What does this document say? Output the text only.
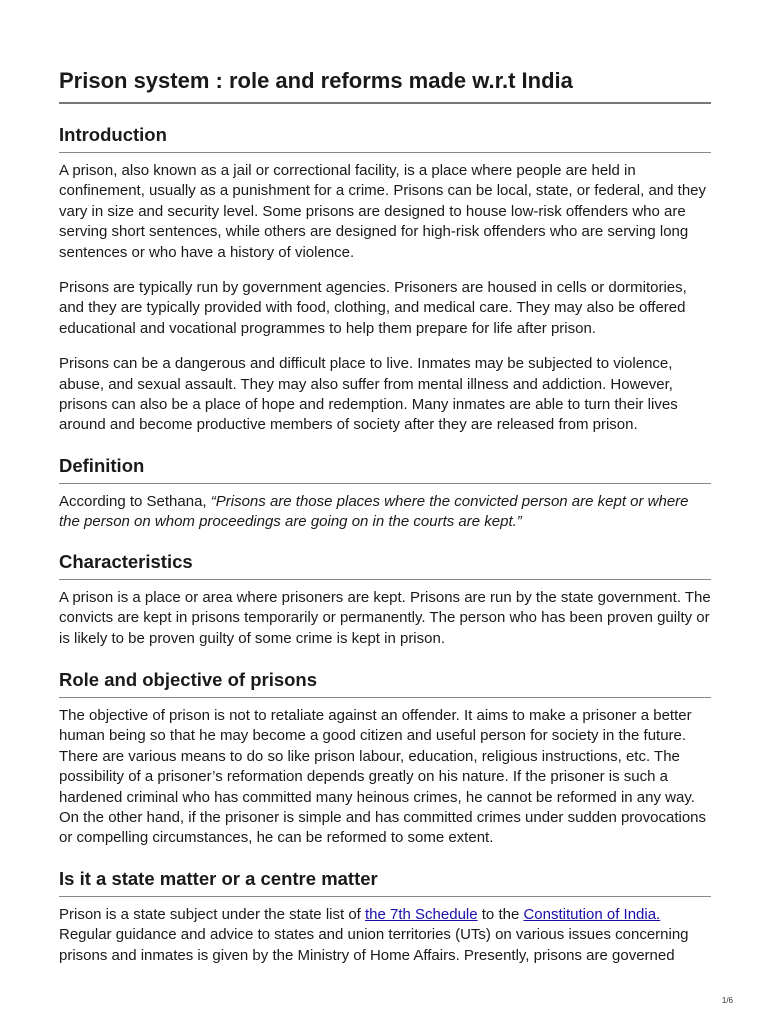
Prison system : role and reforms made w.r.t India
Introduction

A prison, also known as a jail or correctional facility, is a place where people are held in confinement, usually as a punishment for a crime. Prisons can be local, state, or federal, and they vary in size and security level. Some prisons are designed to house low-risk offenders who are serving short sentences, while others are designed for high-risk offenders who are serving long sentences or who have a history of violence.

Prisons are typically run by government agencies. Prisoners are housed in cells or dormitories, and they are typically provided with food, clothing, and medical care. They may also be offered educational and vocational programmes to help them prepare for life after prison.

Prisons can be a dangerous and difficult place to live. Inmates may be subjected to violence, abuse, and sexual assault. They may also suffer from mental illness and addiction. However, prisons can also be a place of hope and redemption. Many inmates are able to turn their lives around and become productive members of society after they are released from prison.

Definition

According to Sethana, “Prisons are those places where the convicted person are kept or where the person on whom proceedings are going on in the courts are kept.”

Characteristics

A prison is a place or area where prisoners are kept. Prisons are run by the state government. The convicts are kept in prisons temporarily or permanently. The person who has been proven guilty or is likely to be proven guilty of some crime is kept in prison.

Role and objective of prisons

The objective of prison is not to retaliate against an offender. It aims to make a prisoner a better human being so that he may become a good citizen and useful person for society in the future. There are various means to do so like prison labour, education, religious instructions, etc. The possibility of a prisoner’s reformation depends greatly on his nature. If the prisoner is such a hardened criminal who has committed many heinous crimes, he cannot be reformed in any way. On the other hand, if the prisoner is simple and has committed crimes under sudden provocations or compelling circumstances, he can be reformed to some extent.

Is it a state matter or a centre matter

Prison is a state subject under the state list of the 7th Schedule to the Constitution of India. Regular guidance and advice to states and union territories (UTs) on various issues concerning prisons and inmates is given by the Ministry of Home Affairs. Presently, prisons are governed

1/6
